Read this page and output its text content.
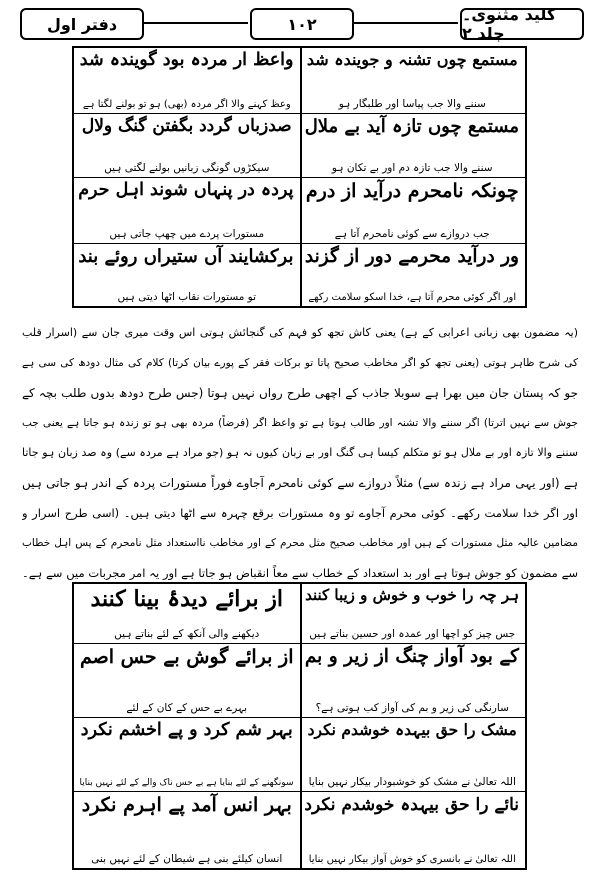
کلید مثنوی۔ جلد ۲
۱۰۲
دفتر اول
مستمع چوں تشنہ و جویندہ شد
سننے والا جب پیاسا اور طلبگار ہو
واعظ ار مردہ بود گویندہ شد
وعظ کہنے والا اگر مردہ (بھی) ہو تو بولنے لگتا ہے
مستمع چوں تازہ آید بے ملال
سننے والا جب تازہ دم اور بے تکان ہو
صدزباں گردد بگفتن گنگ ولال
سیکڑوں گونگی زبانیں بولنے لگتی ہیں
چونکہ نامحرم درآید از درم
جب دروازے سے کوئی نامحرم آتا ہے
پردہ در پنہاں شوند اہل حرم
مستورات پردے میں چھپ جاتی ہیں
ور درآید محرمے دور از گزند
اور اگر کوئی محرم آتا ہے، خدا اسکو سلامت رکھے
برکشایند آں ستیراں روئے بند
تو مستورات نقاب اٹھا دیتی ہیں
(یہ مضمون بھی زبانی اعرابی کے ہے) یعنی کاش تجھ کو فہم کی گنجائش ہوتی اس وقت میری جان سے (اسرار قلب
کی شرح ظاہر ہوتی (یعنی تجھ کو اگر مخاطب صحیح پاتا تو برکات فقر کے پورے بیان کرتا) کلام کی مثال دودھ کی سی ہے
جو کہ پستان جان میں بھرا ہے سوبلا جاذب کے اچھی طرح رواں نہیں ہوتا (جس طرح دودھ بدوں طلب بچہ کے
جوش سے نہیں اترتا) اگر سننے والا تشنہ اور طالب ہوتا ہے تو واعظ اگر (فرضاً) مردہ بھی ہو تو زندہ ہو جاتا ہے یعنی جب
سننے والا تازہ اور بے ملال ہو تو متکلم کیسا ہی گنگ اور بے زبان کیوں نہ ہو (جو مراد ہے مردہ سے) وہ صد زبان ہو جاتا
ہے (اور یہی مراد ہے زندہ سے) مثلاً دروازے سے کوئی نامحرم آجاوے فوراً مستورات پردہ کے اندر ہو جاتی ہیں
اور اگر خدا سلامت رکھے۔ کوئی محرم آجاوے تو وہ مستورات برقع چہرہ سے اٹھا دیتی ہیں۔ (اسی طرح اسرار و
مضامین عالیہ مثل مستورات کے ہیں اور مخاطب صحیح مثل محرم کے اور مخاطب نااستعداد مثل نامحرم کے پس اہل خطاب
سے مضمون کو جوش ہوتا ہے اور بد استعداد کے خطاب سے معاً انقباض ہو جاتا ہے اور یہ امر مجربات میں سے ہے۔
ہر چہ را خوب و خوش و زیبا کنند
جس چیز کو اچھا اور عمدہ اور حسین بناتے ہیں
از برائے دیدۂ بینا کنند
دیکھنے والی آنکھ کے لئے بناتے ہیں
کے بود آواز چنگ از زیر و بم
سارنگی کی زیر و بم کی آواز کب ہوتی ہے؟
از برائے گوش بے حس اصم
بہرے بے حس کے کان کے لئے
مشک را حق بیہدہ خوشدم نکرد
اللہ تعالیٰ نے مشک کو خوشبودار بیکار نہیں بنایا
بہر شم کرد و پے اخشم نکرد
سونگھنے کے لئے بنایا ہے بے حس ناک والے کے لئے نہیں بنایا
نائے را حق بیہدہ خوشدم نکرد
اللہ تعالیٰ نے بانسری کو خوش آواز بیکار نہیں بنایا
بہر انس آمد پے اہرم نکرد
انسان کیلئے بنی ہے شیطان کے لئے نہیں بنی
